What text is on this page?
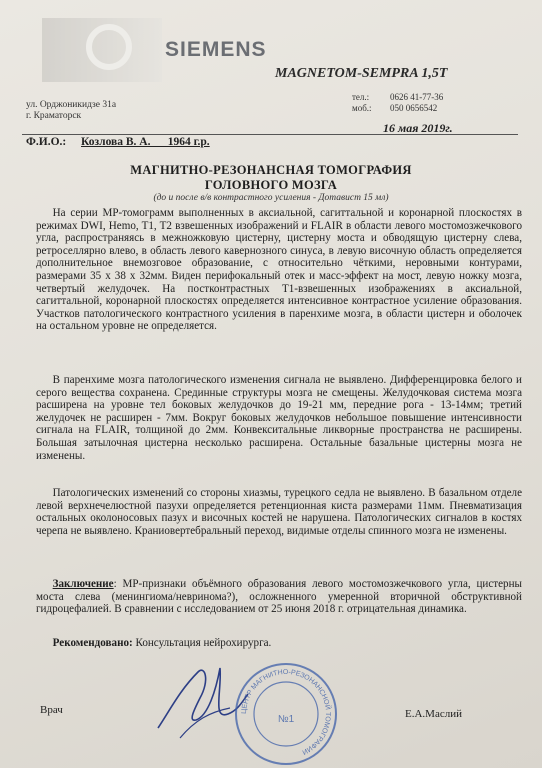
SIEMENS
MAGNETOM-SEMPRA 1,5T
ул. Орджоникидзе 31а
г. Краматорск
тел.: 0626 41-77-36
моб.: 050 0656542
16 мая 2019г.
Ф.И.О.: Козлова В. А.      1964 г.р.
МАГНИТНО-РЕЗОНАНСНАЯ ТОМОГРАФИЯ
ГОЛОВНОГО МОЗГА
(до и после в/в контрастного усиления - Дотавист 15 мл)
  На серии МР-томограмм выполненных в аксиальной, сагиттальной и коронарной плоскостях в режимах DWI, Hemo, T1, T2 взвешенных изображений и FLAIR в области левого мостомозжечкового угла, распространяясь в межножковую цистерну, цистерну моста и обводящую цистерну слева, ретроселлярно влево, в область левого кавернозного синуса, в левую височную область определяется дополнительное внемозговое образование, с относительно чёткими, неровными контурами, размерами 35 х 38 х 32мм. Виден перифокальный отек и масс-эффект на мост, левую ножку мозга, четвертый желудочек. На постконтрастных T1-взвешенных изображениях в аксиальной, сагиттальной, коронарной плоскостях определяется интенсивное контрастное усиление образования. Участков патологического контрастного усиления в паренхиме мозга, в области цистерн и оболочек на остальном уровне не определяется.
  В паренхиме мозга патологического изменения сигнала не выявлено. Дифференцировка белого и серого вещества сохранена. Срединные структуры мозга не смещены. Желудочковая система мозга расширена на уровне тел боковых желудочков до 19-21 мм, передние рога - 13-14мм; третий желудочек не расширен - 7мм. Вокруг боковых желудочков небольшое повышение интенсивности сигнала на FLAIR, толщиной до 2мм. Конвекситальные ликворные пространства не расширены. Большая затылочная цистерна несколько расширена. Остальные базальные цистерны мозга не изменены.
  Патологических изменений со стороны хиазмы, турецкого седла не выявлено. В базальном отделе левой верхнечелюстной пазухи определяется ретенционная киста размерами 11мм. Пневматизация остальных околоносовых пазух и височных костей не нарушена. Патологических сигналов в костях черепа не выявлено. Краниовертебральный переход, видимые отделы спинного мозга не изменены.
  Заключение: МР-признаки объёмного образования левого мостомозжечкового угла, цистерны моста слева (менингиома/невринома?), осложненного умеренной вторичной обструктивной гидроцефалией. В сравнении с исследованием от 25 июня 2018 г. отрицательная динамика.
  Рекомендовано: Консультация нейрохирурга.
Врач	ЦЕНТР МАГНИТНО-РЕЗОНАНСНОЙ ТОМОГРАФИИ
№1	Е.А.Маслий
